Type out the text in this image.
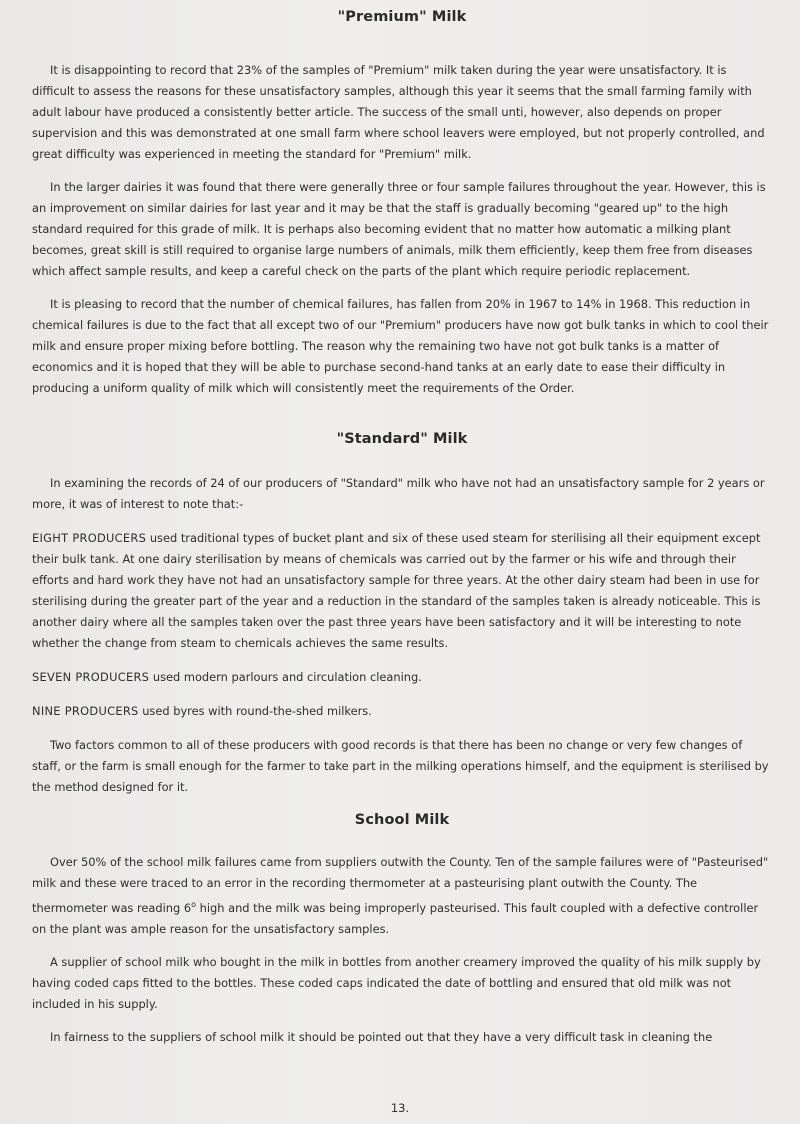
"Premium" Milk

It is disappointing to record that 23% of the samples of "Premium" milk taken during the year were unsatisfactory. It is difficult to assess the reasons for these unsatisfactory samples, although this year it seems that the small farming family with adult labour have produced a consistently better article. The success of the small unti, however, also depends on proper supervision and this was demonstrated at one small farm where school leavers were employed, but not properly controlled, and great difficulty was experienced in meeting the standard for "Premium" milk.

In the larger dairies it was found that there were generally three or four sample failures throughout the year. However, this is an improvement on similar dairies for last year and it may be that the staff is gradually becoming "geared up" to the high standard required for this grade of milk. It is perhaps also becoming evident that no matter how automatic a milking plant becomes, great skill is still required to organise large numbers of animals, milk them efficiently, keep them free from diseases which affect sample results, and keep a careful check on the parts of the plant which require periodic replacement.

It is pleasing to record that the number of chemical failures, has fallen from 20% in 1967 to 14% in 1968. This reduction in chemical failures is due to the fact that all except two of our "Premium" producers have now got bulk tanks in which to cool their milk and ensure proper mixing before bottling. The reason why the remaining two have not got bulk tanks is a matter of economics and it is hoped that they will be able to purchase second-hand tanks at an early date to ease their difficulty in producing a uniform quality of milk which will consistently meet the requirements of the Order.

"Standard" Milk

In examining the records of 24 of our producers of "Standard" milk who have not had an unsatisfactory sample for 2 years or more, it was of interest to note that:-

EIGHT PRODUCERS used traditional types of bucket plant and six of these used steam for sterilising all their equipment except their bulk tank. At one dairy sterilisation by means of chemicals was carried out by the farmer or his wife and through their efforts and hard work they have not had an unsatisfactory sample for three years. At the other dairy steam had been in use for sterilising during the greater part of the year and a reduction in the standard of the samples taken is already noticeable. This is another dairy where all the samples taken over the past three years have been satisfactory and it will be interesting to note whether the change from steam to chemicals achieves the same results.

SEVEN PRODUCERS used modern parlours and circulation cleaning.

NINE PRODUCERS used byres with round-the-shed milkers.

Two factors common to all of these producers with good records is that there has been no change or very few changes of staff, or the farm is small enough for the farmer to take part in the milking operations himself, and the equipment is sterilised by the method designed for it.

School Milk

Over 50% of the school milk failures came from suppliers outwith the County. Ten of the sample failures were of "Pasteurised" milk and these were traced to an error in the recording thermometer at a pasteurising plant outwith the County. The thermometer was reading 6$^o$ high and the milk was being improperly pasteurised. This fault coupled with a defective controller on the plant was ample reason for the unsatisfactory samples.

A supplier of school milk who bought in the milk in bottles from another creamery improved the quality of his milk supply by having coded caps fitted to the bottles. These coded caps indicated the date of bottling and ensured that old milk was not included in his supply.

In fairness to the suppliers of school milk it should be pointed out that they have a very difficult task in cleaning the

13.
